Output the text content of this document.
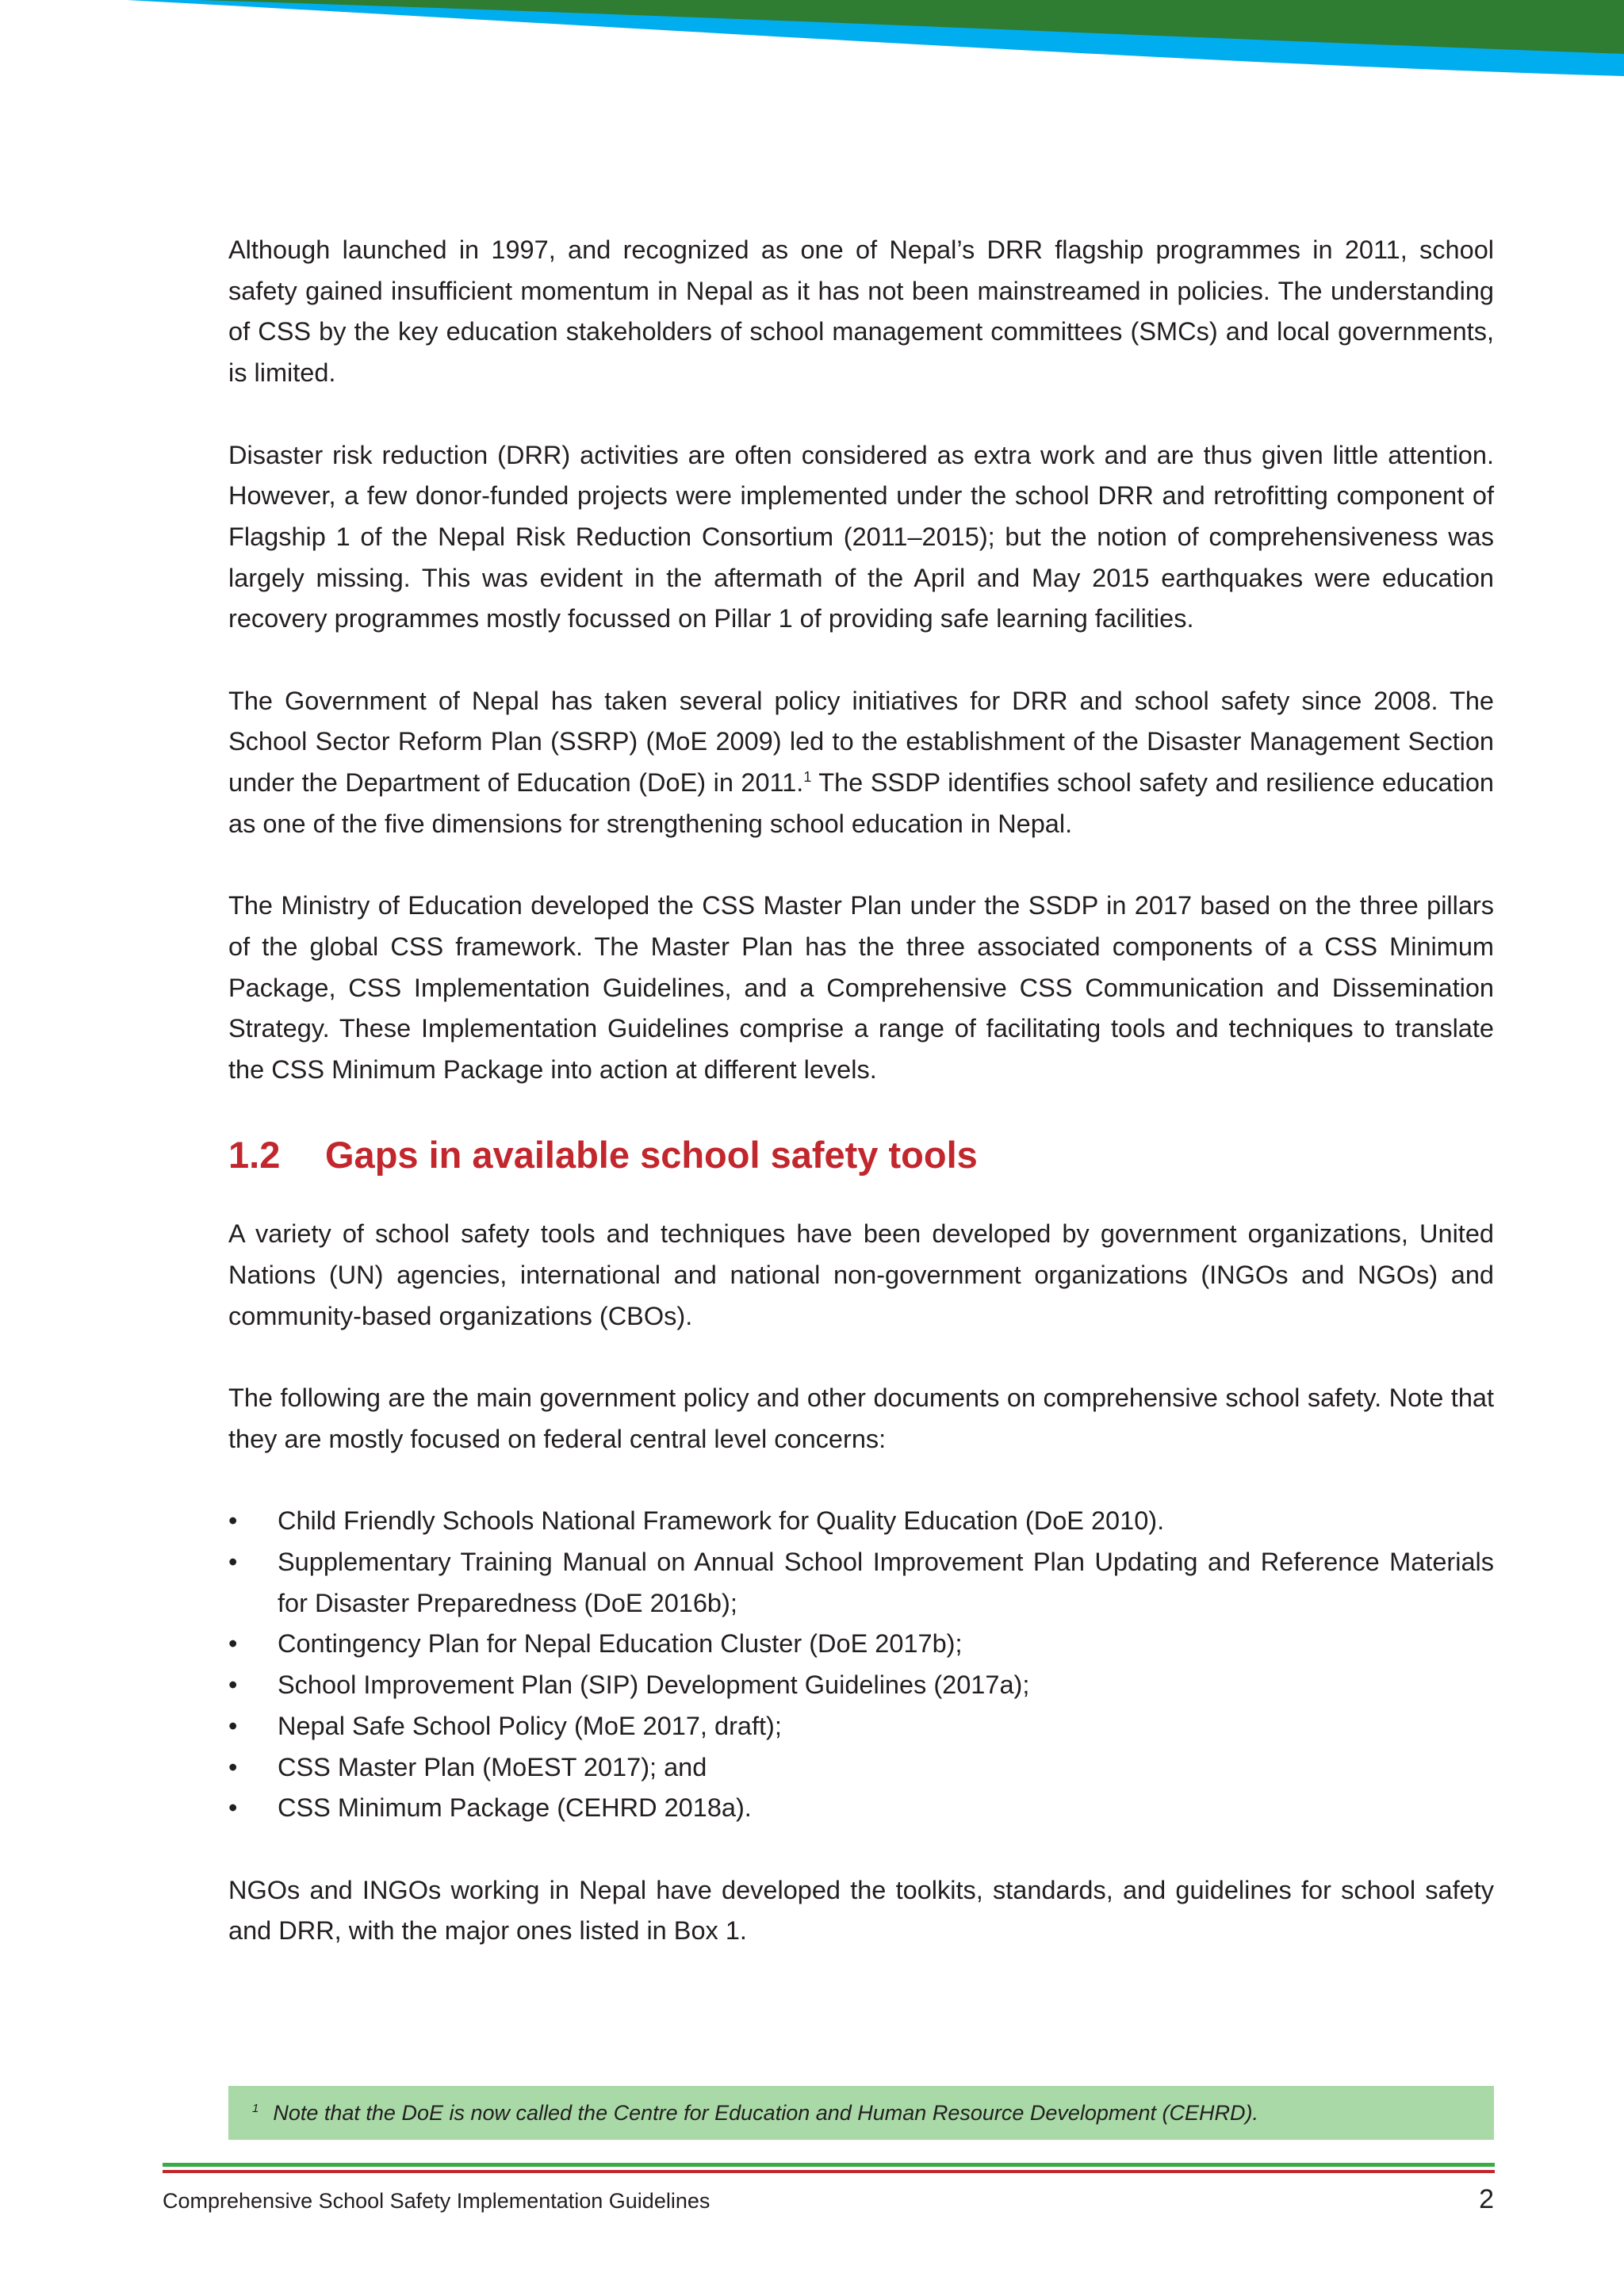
Although launched in 1997, and recognized as one of Nepal’s DRR flagship programmes in 2011, school safety gained insufficient momentum in Nepal as it has not been mainstreamed in policies. The understanding of CSS by the key education stakeholders of school management committees (SMCs) and local governments, is limited.

Disaster risk reduction (DRR) activities are often considered as extra work and are thus given little attention. However, a few donor-funded projects were implemented under the school DRR and retrofitting component of Flagship 1 of the Nepal Risk Reduction Consortium (2011–2015); but the notion of comprehensiveness was largely missing. This was evident in the aftermath of the April and May 2015 earthquakes were education recovery programmes mostly focussed on Pillar 1 of providing safe learning facilities.

The Government of Nepal has taken several policy initiatives for DRR and school safety since 2008. The School Sector Reform Plan (SSRP) (MoE 2009) led to the establishment of the Disaster Management Section under the Department of Education (DoE) in 2011.$^1$ The SSDP identifies school safety and resilience education as one of the five dimensions for strengthening school education in Nepal.

The Ministry of Education developed the CSS Master Plan under the SSDP in 2017 based on the three pillars of the global CSS framework. The Master Plan has the three associated components of a CSS Minimum Package, CSS Implementation Guidelines, and a Comprehensive CSS Communication and Dissemination Strategy. These Implementation Guidelines comprise a range of facilitating tools and techniques to translate the CSS Minimum Package into action at different levels.

1.2 Gaps in available school safety tools

A variety of school safety tools and techniques have been developed by government organizations, United Nations (UN) agencies, international and national non-government organizations (INGOs and NGOs) and community-based organizations (CBOs).

The following are the main government policy and other documents on comprehensive school safety. Note that they are mostly focused on federal central level concerns:

• Child Friendly Schools National Framework for Quality Education (DoE 2010).
• Supplementary Training Manual on Annual School Improvement Plan Updating and Reference Materials for Disaster Preparedness (DoE 2016b);
• Contingency Plan for Nepal Education Cluster (DoE 2017b);
• School Improvement Plan (SIP) Development Guidelines (2017a);
• Nepal Safe School Policy (MoE 2017, draft);
• CSS Master Plan (MoEST 2017); and
• CSS Minimum Package (CEHRD 2018a).

NGOs and INGOs working in Nepal have developed the toolkits, standards, and guidelines for school safety and DRR, with the major ones listed in Box 1.

$^1$ Note that the DoE is now called the Centre for Education and Human Resource Development (CEHRD).
Comprehensive School Safety Implementation Guidelines	2
